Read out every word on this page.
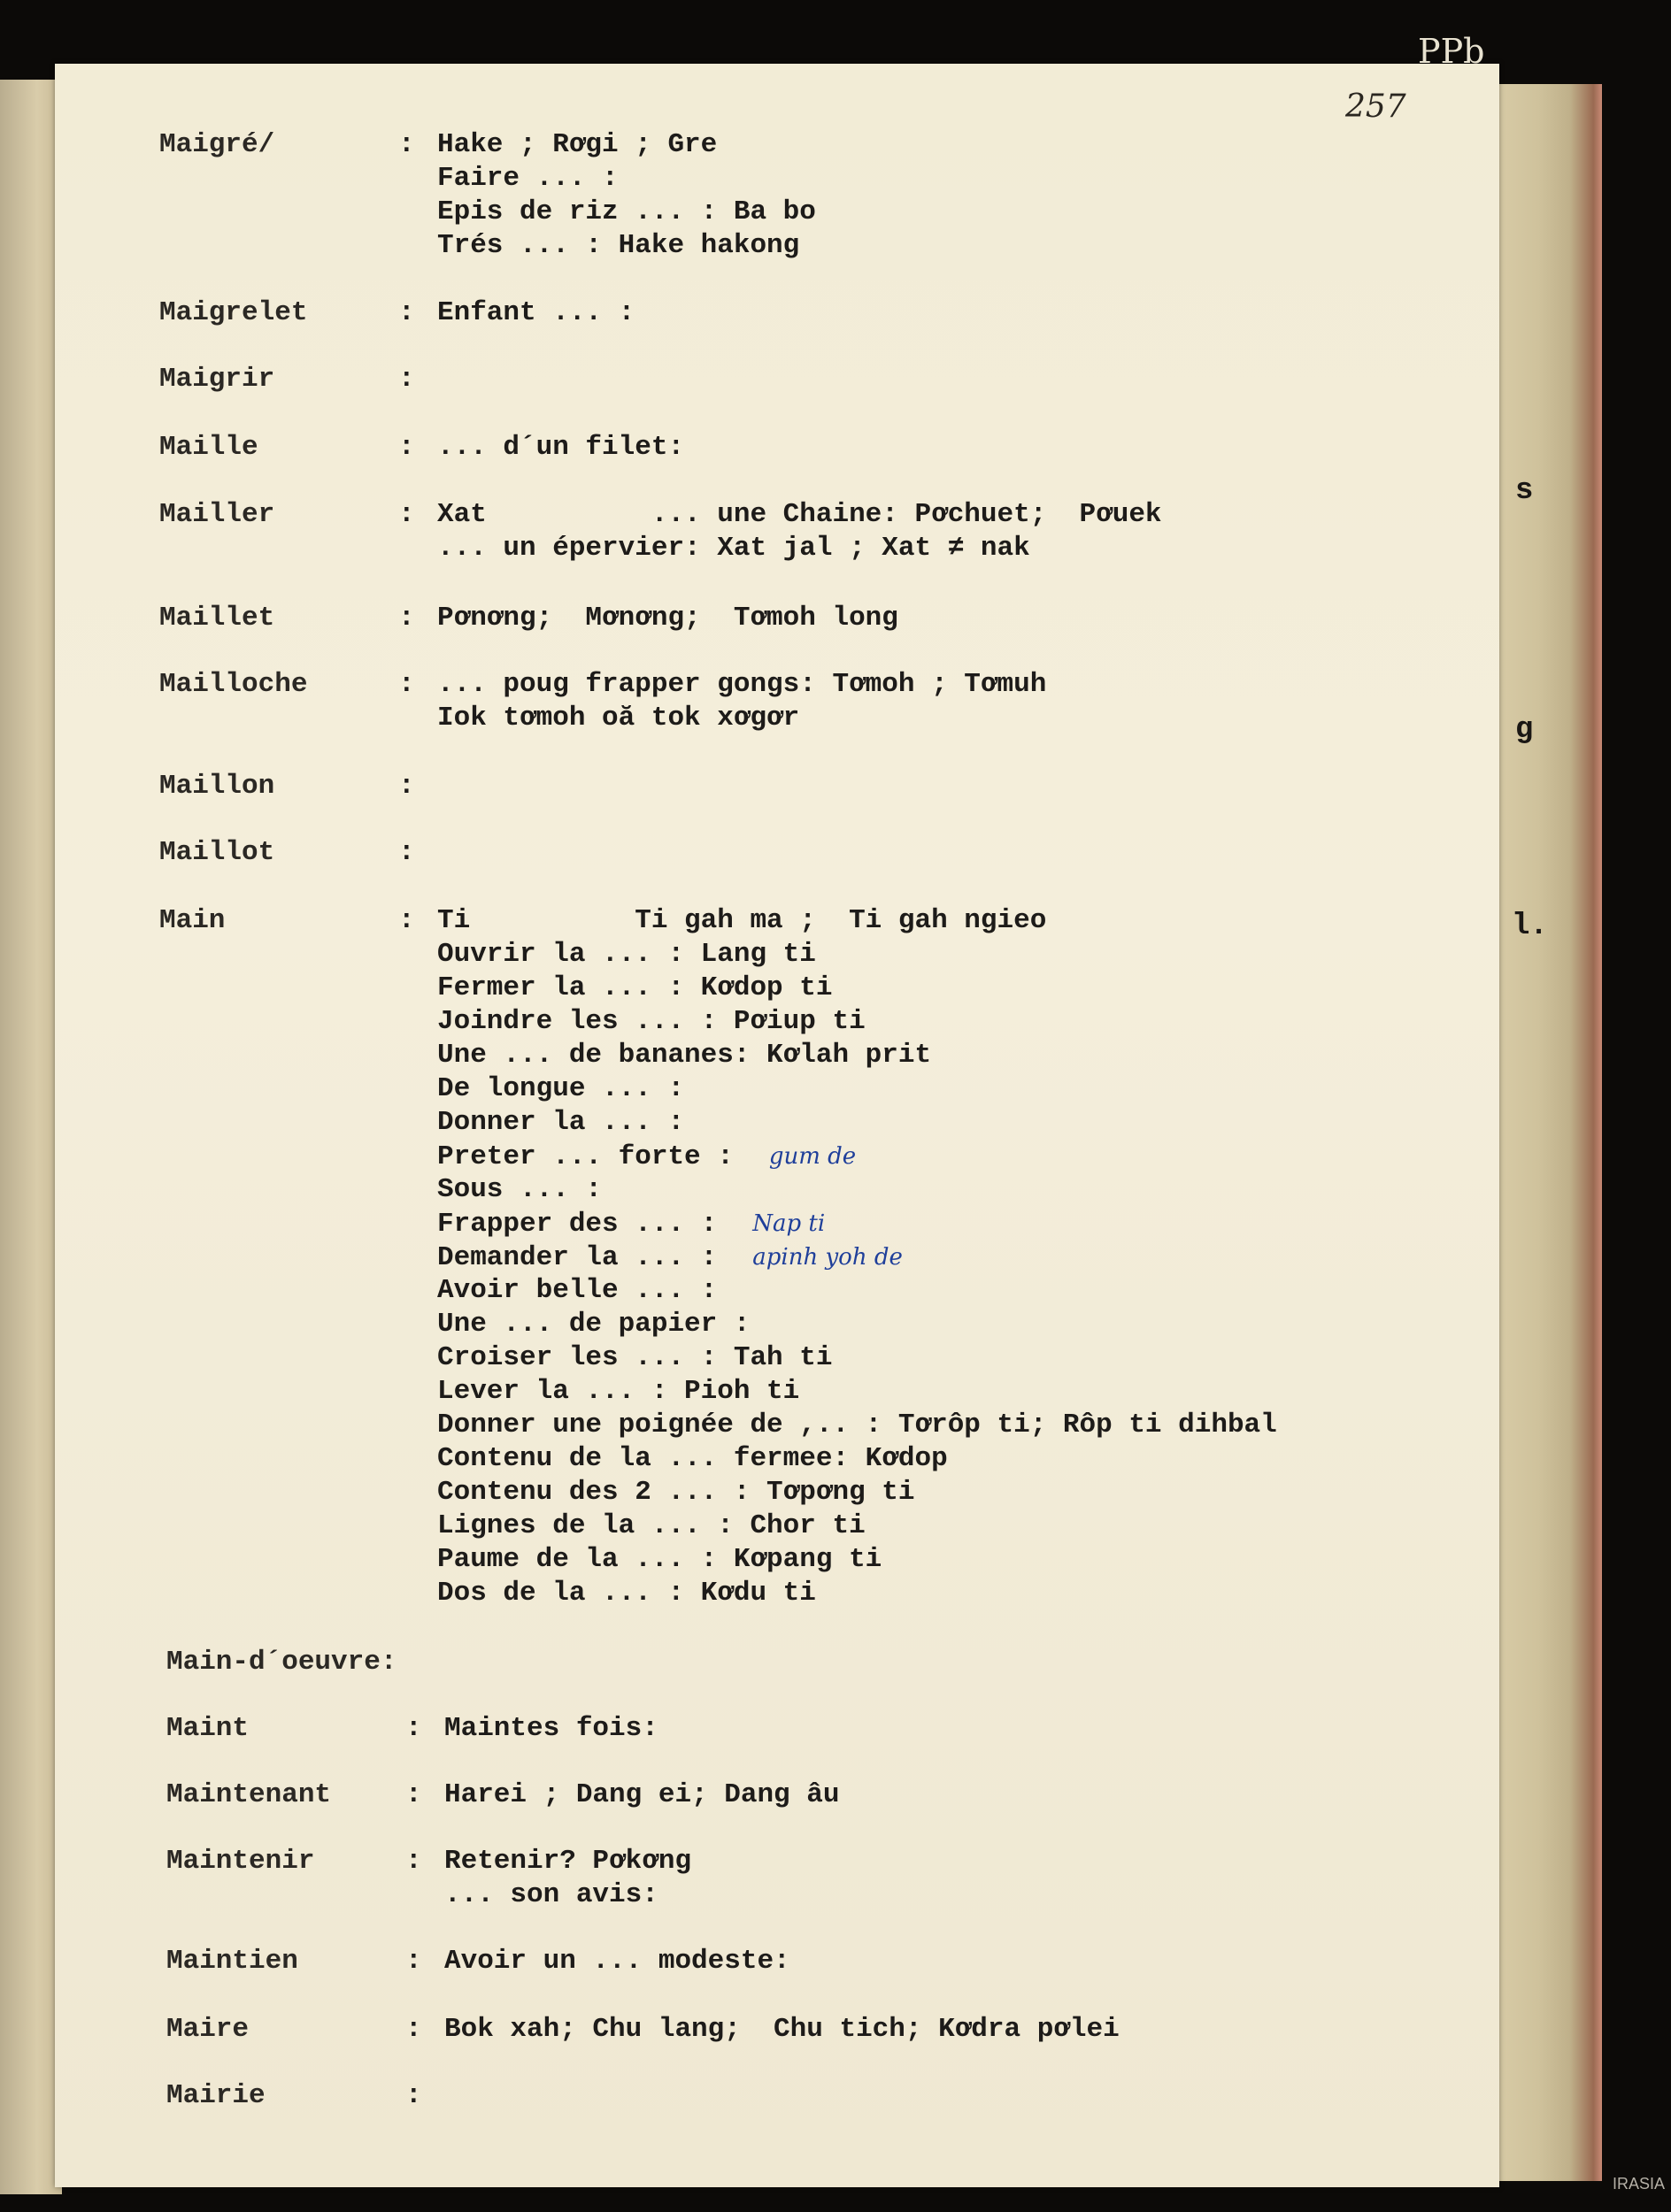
PPb
257
s
g
l.
Maigré/	: Hake ; Rơgi ; Gre
Faire ... :
Epis de riz ... : Ba bo
Trés ... : Hake hakong
Maigrelet	: Enfant ... :
Maigrir	:
Maille	: ... d´un filet:
Mailler	: Xat          ... une Chaine: Pơchuet;  Pơuek
... un épervier: Xat jal ; Xat ≠ nak
Maillet	: Pơnơng;  Mơnơng;  Tơmoh long
Mailloche	: ... poug frapper gongs: Tơmoh ; Tơmuh
Iok tơmoh oă tok xơgơr
Maillon	:
Maillot	:
Main	: Ti          Ti gah ma ;  Ti gah ngieo
Ouvrir la ... : Lang ti
Fermer la ... : Kơdop ti
Joindre les ... : Pơiup ti
Une ... de bananes: Kơlah prit
De longue ... :
Donner la ... :
Preter ... forte : gum de
Sous ... :
Frapper des ... : Nap ti
Demander la ... : apinh yoh de
Avoir belle ... :
Une ... de papier :
Croiser les ... : Tah ti
Lever la ... : Pioh ti
Donner une poignée de ,.. : Tơrôp ti; Rôp ti dihbal
Contenu de la ... fermee: Kơdop
Contenu des 2 ... : Tơpơng ti
Lignes de la ... : Chor ti
Paume de la ... : Kơpang ti
Dos de la ... : Kơdu ti
Main-d´oeuvre:
Maint	: Maintes fois:
Maintenant	: Harei ; Dang ei; Dang âu
Maintenir	: Retenir? Pơkơng
... son avis:
Maintien	: Avoir un ... modeste:
Maire	: Bok xah; Chu lang;  Chu tich; Kơdra pơlei
Mairie	:
IRASIA
